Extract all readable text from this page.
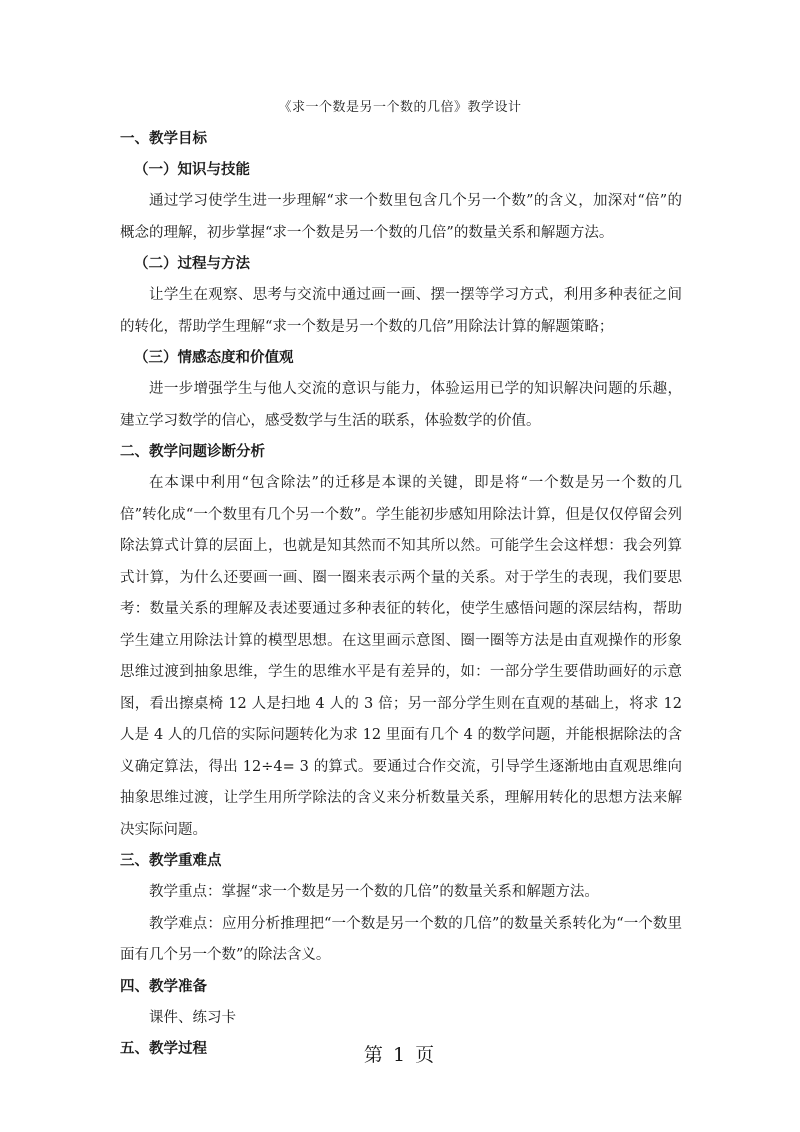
《求一个数是另一个数的几倍》教学设计
一、教学目标
（一）知识与技能

通过学习使学生进一步理解“求一个数里包含几个另一个数”的含义，加深对“倍”的概念的理解，初步掌握“求一个数是另一个数的几倍”的数量关系和解题方法。

（二）过程与方法

让学生在观察、思考与交流中通过画一画、摆一摆等学习方式，利用多种表征之间的转化，帮助学生理解“求一个数是另一个数的几倍”用除法计算的解题策略；

（三）情感态度和价值观

进一步增强学生与他人交流的意识与能力，体验运用已学的知识解决问题的乐趣，建立学习数学的信心，感受数学与生活的联系，体验数学的价值。

二、教学问题诊断分析

在本课中利用“包含除法”的迁移是本课的关键，即是将“一个数是另一个数的几倍”转化成“一个数里有几个另一个数”。学生能初步感知用除法计算，但是仅仅停留会列除法算式计算的层面上，也就是知其然而不知其所以然。可能学生会这样想：我会列算式计算，为什么还要画一画、圈一圈来表示两个量的关系。对于学生的表现，我们要思考：数量关系的理解及表述要通过多种表征的转化，使学生感悟问题的深层结构，帮助学生建立用除法计算的模型思想。在这里画示意图、圈一圈等方法是由直观操作的形象思维过渡到抽象思维，学生的思维水平是有差异的，如：一部分学生要借助画好的示意图，看出擦桌椅 12 人是扫地 4 人的 3 倍；另一部分学生则在直观的基础上，将求 12 人是 4 人的几倍的实际问题转化为求 12 里面有几个 4 的数学问题，并能根据除法的含义确定算法，得出 12÷4= 3 的算式。要通过合作交流，引导学生逐渐地由直观思维向抽象思维过渡，让学生用所学除法的含义来分析数量关系，理解用转化的思想方法来解决实际问题。

三、教学重难点

教学重点：掌握“求一个数是另一个数的几倍”的数量关系和解题方法。

教学难点：应用分析推理把“一个数是另一个数的几倍”的数量关系转化为“一个数里面有几个另一个数”的除法含义。

四、教学准备

课件、练习卡

五、教学过程	第 1 页
